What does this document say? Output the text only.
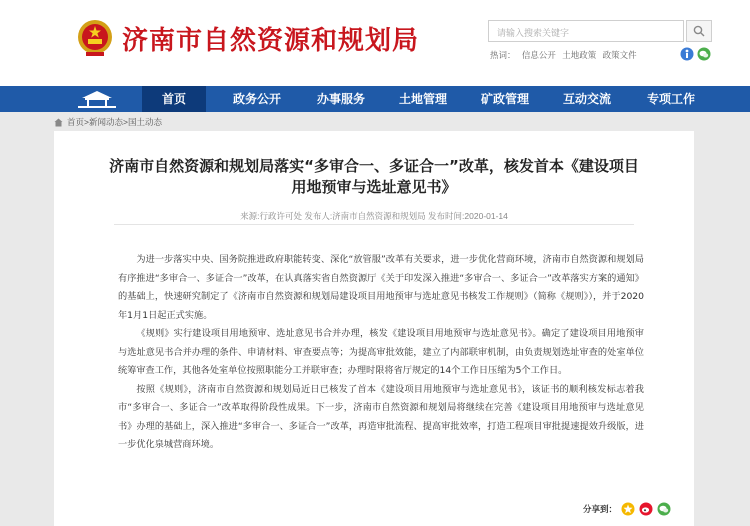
济南市自然资源和规划局	请输入搜索关键字
热词： 信息公开 土地政策 政策文件
首页	政务公开	办事服务	土地管理	矿政管理	互动交流	专项工作
首页 > 新闻动态 > 国土动态
济南市自然资源和规划局落实“多审合一、多证合一”改革，核发首本《建设项目
用地预审与选址意见书》
来源:行政许可处 发布人:济南市自然资源和规划局 发布时间:2020-01-14

为进一步落实中央、国务院推进政府职能转变、深化“放管服”改革有关要求，进一步优化营商环境，济南市自然资源和规划局有序推进“多审合一、多证合一”改革，在认真落实省自然资源厅《关于印发深入推进“多审合一、多证合一”改革落实方案的通知》的基础上，快速研究制定了《济南市自然资源和规划局建设项目用地预审与选址意见书核发工作规则》（简称《规则》），并于2020年1月1日起正式实施。

《规则》实行建设项目用地预审、选址意见书合并办理，核发《建设项目用地预审与选址意见书》。确定了建设项目用地预审与选址意见书合并办理的条件、申请材料、审查要点等；为提高审批效能，建立了内部联审机制，由负责规划选址审查的处室单位统筹审查工作，其他各处室单位按照职能分工并联审查；办理时限将省厅规定的14个工作日压缩为5个工作日。

按照《规则》，济南市自然资源和规划局近日已核发了首本《建设项目用地预审与选址意见书》，该证书的顺利核发标志着我市“多审合一、多证合一”改革取得阶段性成果。下一步，济南市自然资源和规划局将继续在完善《建设项目用地预审与选址意见书》办理的基础上，深入推进“多审合一、多证合一”改革，再造审批流程、提高审批效率，打造工程项目审批提速提效升级版，进一步优化泉城营商环境。

分享到：
